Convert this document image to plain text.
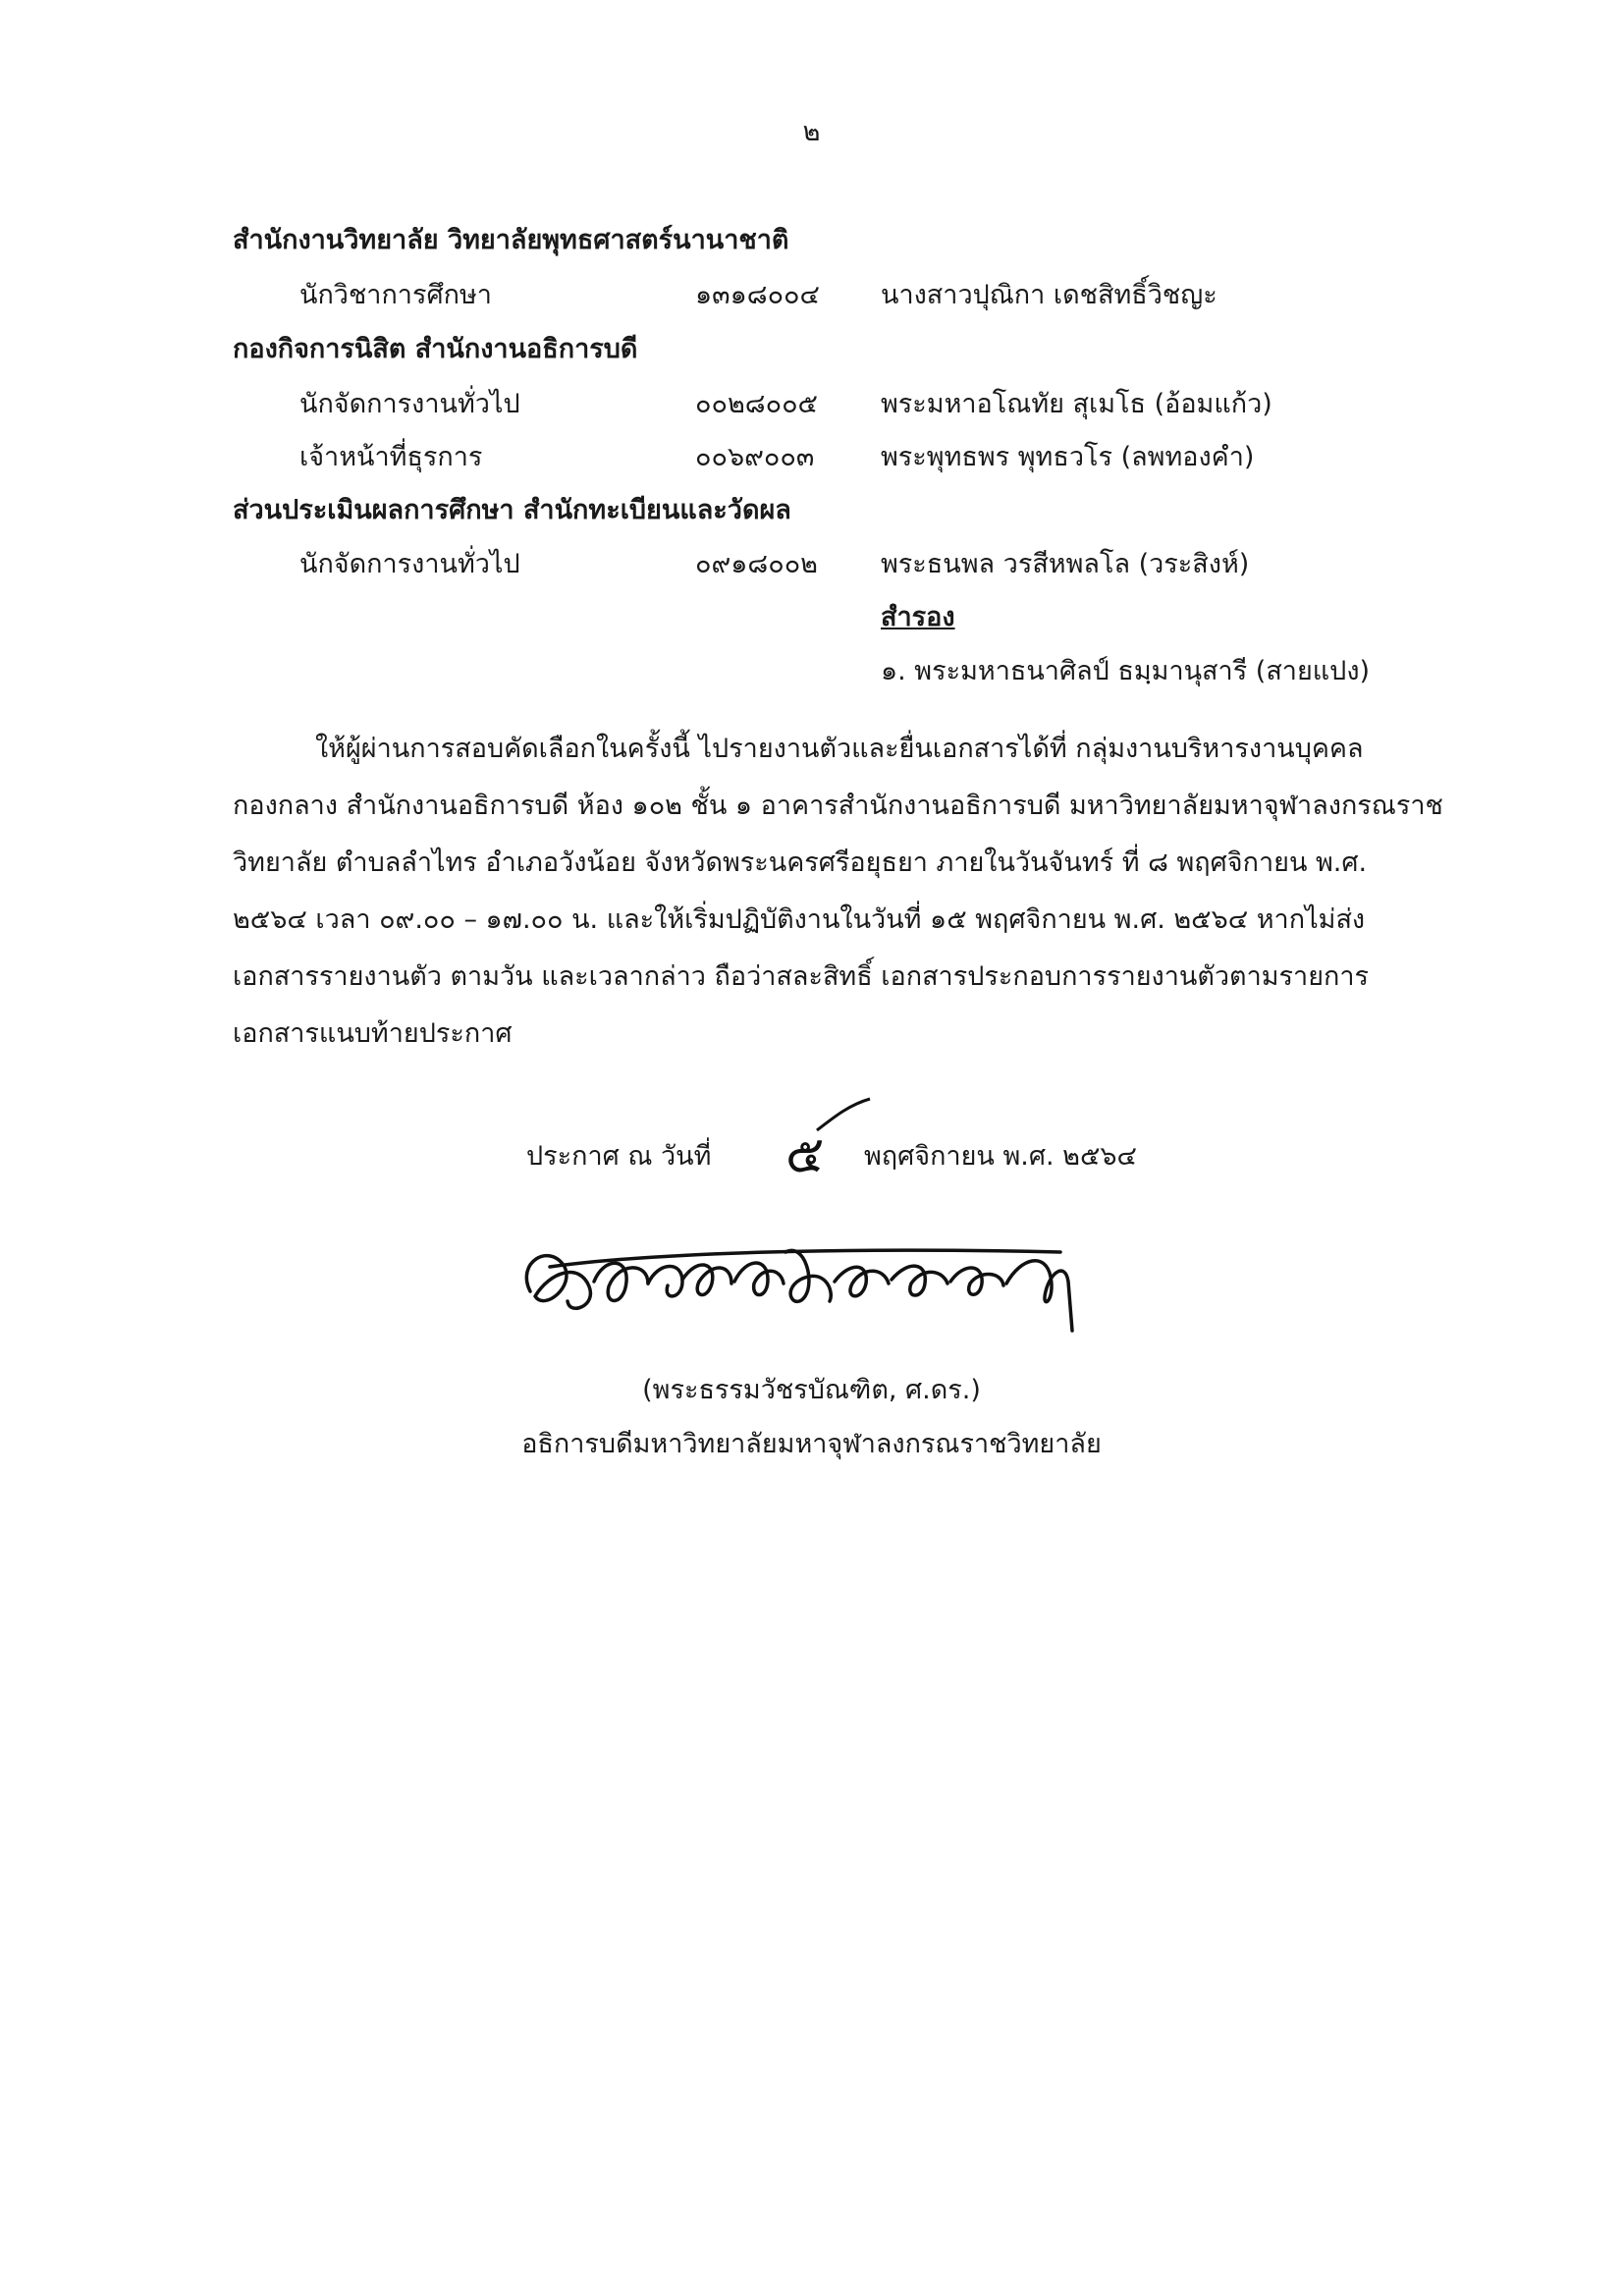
๒
สำนักงานวิทยาลัย วิทยาลัยพุทธศาสตร์นานาชาติ
นักวิชาการศึกษา	๑๓๑๘๐๐๔ นางสาวปุณิกา เดชสิทธิ์วิชญะ
กองกิจการนิสิต สำนักงานอธิการบดี
นักจัดการงานทั่วไป	๐๐๒๘๐๐๕ พระมหาอโณทัย สุเมโธ (อ้อมแก้ว)
เจ้าหน้าที่ธุรการ	๐๐๖๙๐๐๓	พระพุทธพร พุทธวโร (ลพทองคำ)
ส่วนประเมินผลการศึกษา สำนักทะเบียนและวัดผล
นักจัดการงานทั่วไป	๐๙๑๘๐๐๒ พระธนพล วรสีหพลโล (วระสิงห์)
สำรอง
๑. พระมหาธนาศิลป์ ธมฺมานุสารี (สายแปง)
ให้ผู้ผ่านการสอบคัดเลือกในครั้งนี้ ไปรายงานตัวและยื่นเอกสารได้ที่ กลุ่มงานบริหารงานบุคคล
กองกลาง สำนักงานอธิการบดี ห้อง ๑๐๒ ชั้น ๑ อาคารสำนักงานอธิการบดี มหาวิทยาลัยมหาจุฬาลงกรณราช
วิทยาลัย ตำบลลำไทร อำเภอวังน้อย จังหวัดพระนครศรีอยุธยา ภายในวันจันทร์ ที่ ๘ พฤศจิกายน พ.ศ.
๒๕๖๔ เวลา ๐๙.๐๐ – ๑๗.๐๐ น. และให้เริ่มปฏิบัติงานในวันที่ ๑๕ พฤศจิกายน พ.ศ. ๒๕๖๔ หากไม่ส่ง
เอกสารรายงานตัว ตามวัน และเวลากล่าว ถือว่าสละสิทธิ์ เอกสารประกอบการรายงานตัวตามรายการ
เอกสารแนบท้ายประกาศ
ประกาศ ณ วันที่ ๕ พฤศจิกายน พ.ศ. ๒๕๖๔
(พระธรรมวัชรบัณฑิต, ศ.ดร.)
อธิการบดีมหาวิทยาลัยมหาจุฬาลงกรณราชวิทยาลัย
